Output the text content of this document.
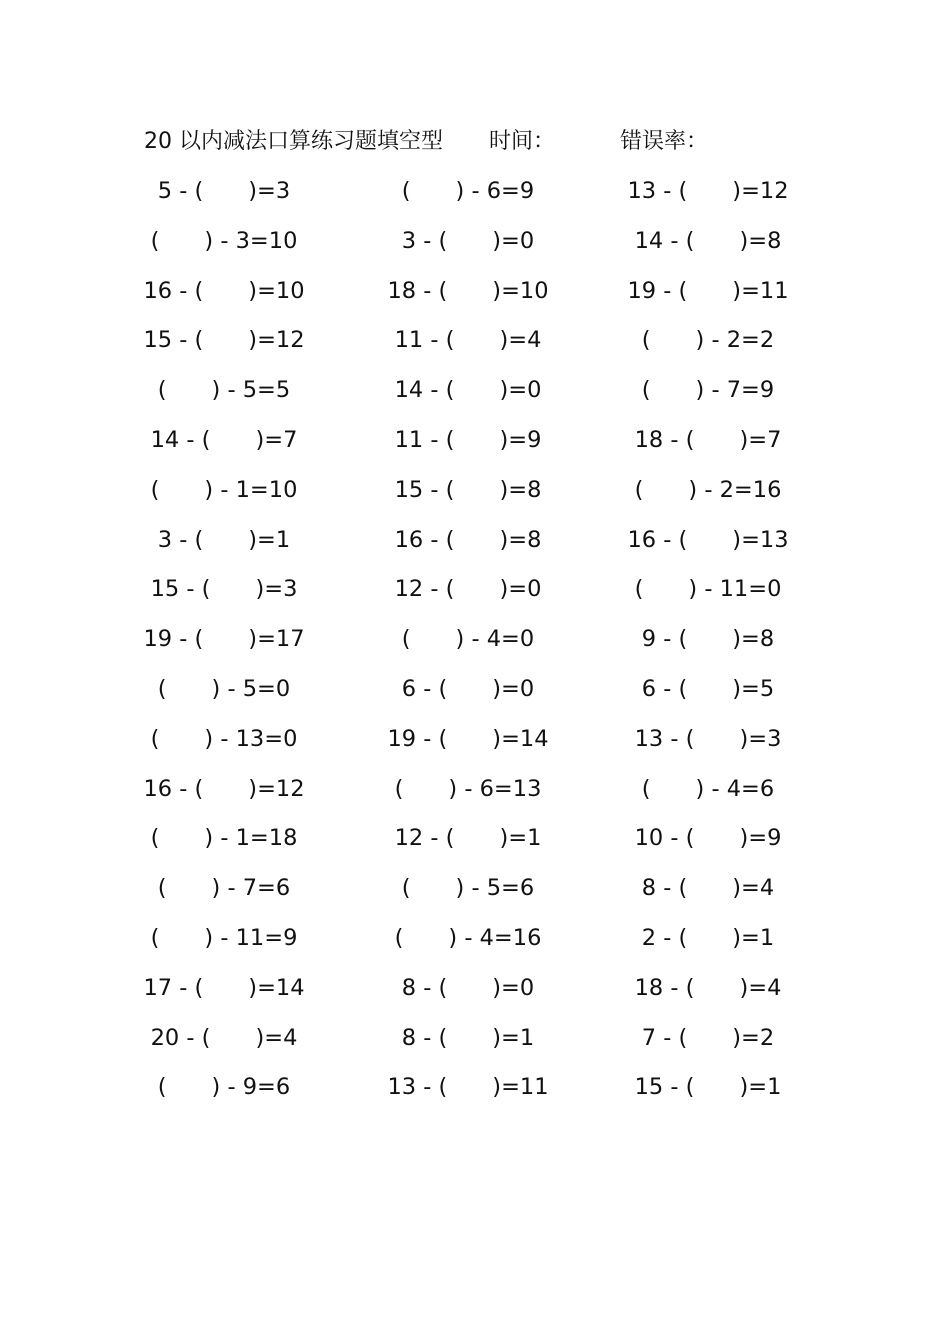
20 以内减法口算练习题填空型 时间：	错误率：
5 - (　　)=3	(　　) - 6=9	13 - (　　)=12
(　　) - 3=10	3 - (　　)=0	14 - (　　)=8
16 - (　　)=10	18 - (　　)=10	19 - (　　)=11
15 - (　　)=12	11 - (　　)=4	(　　) - 2=2
(　　) - 5=5	14 - (　　)=0	(　　) - 7=9
14 - (　　)=7	11 - (　　)=9	18 - (　　)=7
(　　) - 1=10	15 - (　　)=8	(　　) - 2=16
3 - (　　)=1	16 - (　　)=8	16 - (　　)=13
15 - (　　)=3	12 - (　　)=0	(　　) - 11=0
19 - (　　)=17	(　　) - 4=0	9 - (　　)=8
(　　) - 5=0	6 - (　　)=0	6 - (　　)=5
(　　) - 13=0	19 - (　　)=14	13 - (　　)=3
16 - (　　)=12	(　　) - 6=13	(　　) - 4=6
(　　) - 1=18	12 - (　　)=1	10 - (　　)=9
(　　) - 7=6	(　　) - 5=6	8 - (　　)=4
(　　) - 11=9	(　　) - 4=16	2 - (　　)=1
17 - (　　)=14	8 - (　　)=0	18 - (　　)=4
20 - (　　)=4	8 - (　　)=1	7 - (　　)=2
(　　) - 9=6	13 - (　　)=11	15 - (　　)=1
